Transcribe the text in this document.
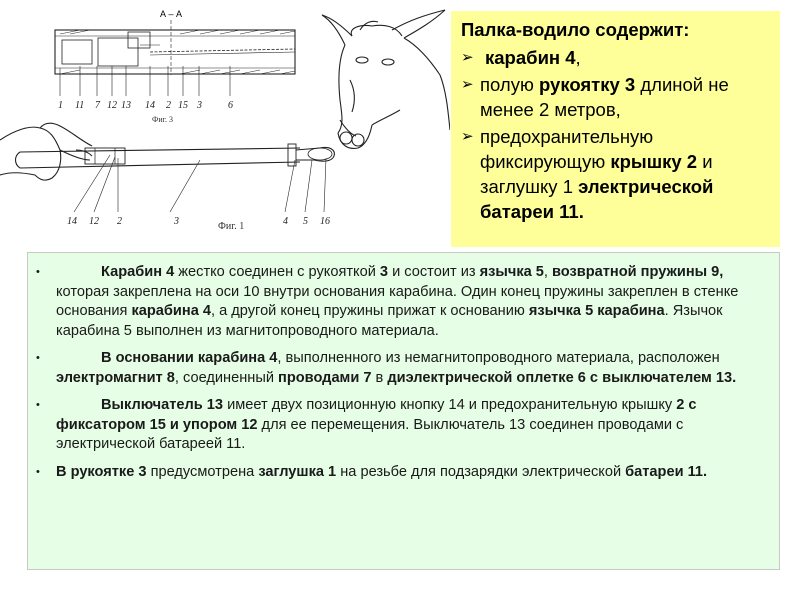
А – А
1 11 7 12 13 14 2 15 3	6
Фиг. 3
14 12 2	3	4 5 16
Фиг. 1
Палка-водило содержит:
➢ карабин 4,
➢ полую рукоятку 3 длиной не менее 2 метров,
➢ предохранительную фиксирующую крышку 2 и заглушку 1 электрической батареи 11.
•	Карабин 4 жестко соединен с рукояткой 3 и состоит из язычка 5, возвратной пружины 9, которая закреплена на оси 10 внутри основания карабина. Один конец пружины закреплен в стенке основания карабина 4, а другой конец пружины прижат к основанию язычка 5 карабина. Язычок карабина 5 выполнен из магнитопроводного материала.
•	В основании карабина 4, выполненного из немагнитопроводного материала, расположен электромагнит 8, соединенный проводами 7 в диэлектрической оплетке 6 с выключателем 13.
•	Выключатель 13 имеет двух позиционную кнопку 14 и предохранительную крышку 2 с фиксатором 15 и упором 12 для ее перемещения. Выключатель 13 соединен проводами с электрической батареей 11.
• В рукоятке 3 предусмотрена заглушка 1 на резьбе для подзарядки электрической батареи 11.
